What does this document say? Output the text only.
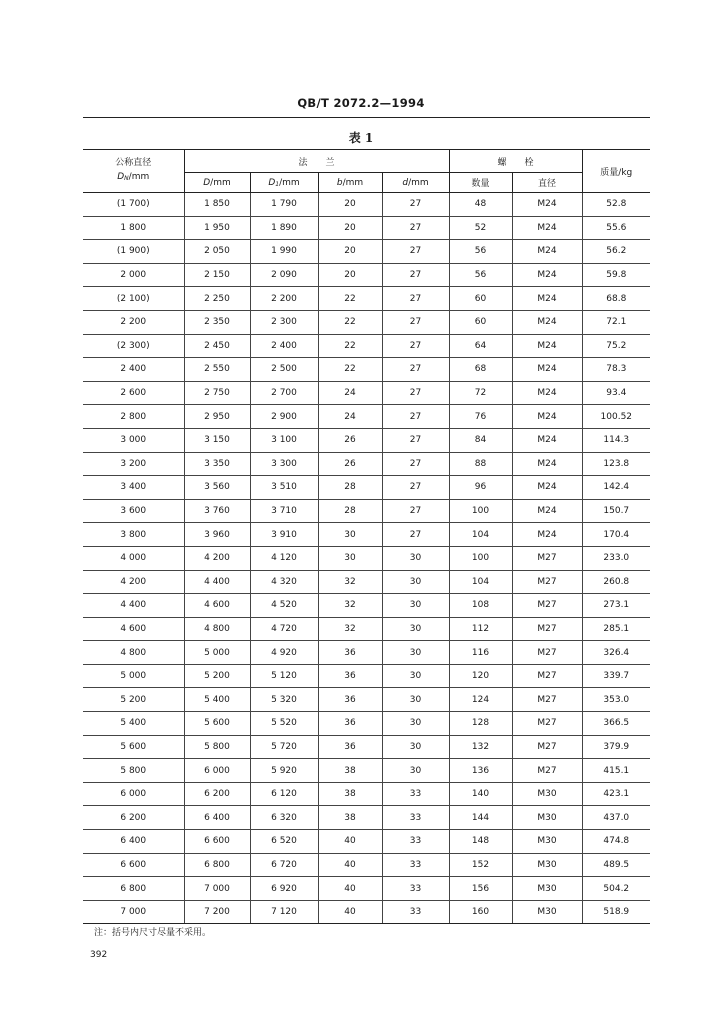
QB/T 2072.2—1994
表 1
公称直径
$D_N/mm$	法　　兰				螺　　栓		质量/kg
	D/mm	$D_1/mm$	b/mm	d/mm	数量	直径	
(1 700)	1 850	1 790	20	27	48	M24	52.8
1 800	1 950	1 890	20	27	52	M24	55.6
(1 900)	2 050	1 990	20	27	56	M24	56.2
2 000	2 150	2 090	20	27	56	M24	59.8
(2 100)	2 250	2 200	22	27	60	M24	68.8
2 200	2 350	2 300	22	27	60	M24	72.1
(2 300)	2 450	2 400	22	27	64	M24	75.2
2 400	2 550	2 500	22	27	68	M24	78.3
2 600	2 750	2 700	24	27	72	M24	93.4
2 800	2 950	2 900	24	27	76	M24	100.52
3 000	3 150	3 100	26	27	84	M24	114.3
3 200	3 350	3 300	26	27	88	M24	123.8
3 400	3 560	3 510	28	27	96	M24	142.4
3 600	3 760	3 710	28	27	100	M24	150.7
3 800	3 960	3 910	30	27	104	M24	170.4
4 000	4 200	4 120	30	30	100	M27	233.0
4 200	4 400	4 320	32	30	104	M27	260.8
4 400	4 600	4 520	32	30	108	M27	273.1
4 600	4 800	4 720	32	30	112	M27	285.1
4 800	5 000	4 920	36	30	116	M27	326.4
5 000	5 200	5 120	36	30	120	M27	339.7
5 200	5 400	5 320	36	30	124	M27	353.0
5 400	5 600	5 520	36	30	128	M27	366.5
5 600	5 800	5 720	36	30	132	M27	379.9
5 800	6 000	5 920	38	30	136	M27	415.1
6 000	6 200	6 120	38	33	140	M30	423.1
6 200	6 400	6 320	38	33	144	M30	437.0
6 400	6 600	6 520	40	33	148	M30	474.8
6 600	6 800	6 720	40	33	152	M30	489.5
6 800	7 000	6 920	40	33	156	M30	504.2
7 000	7 200	7 120	40	33	160	M30	518.9
注：括号内尺寸尽量不采用。
392
